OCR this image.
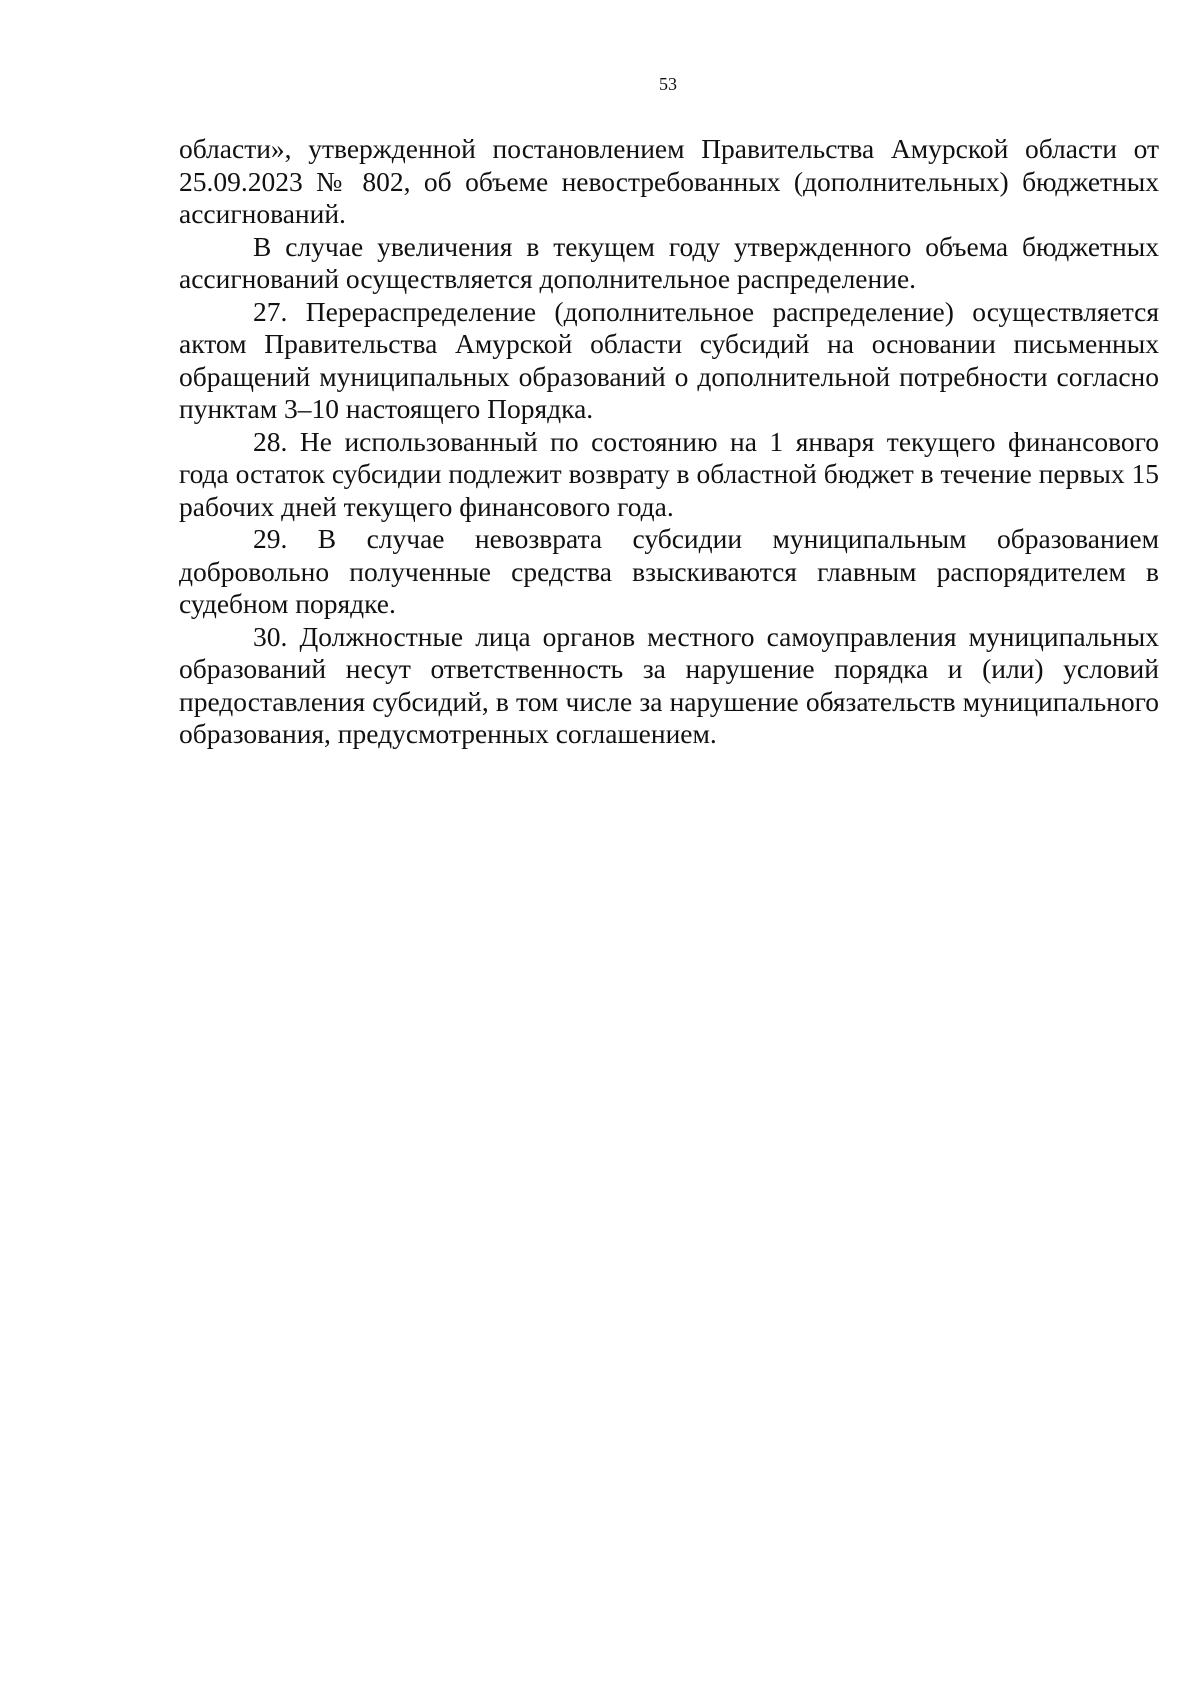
53

области», утвержденной постановлением Правительства Амурской области от 25.09.2023 № 802, об объеме невостребованных (дополнительных) бюджетных ассигнований.

В случае увеличения в текущем году утвержденного объема бюджетных ассигнований осуществляется дополнительное распределение.

27. Перераспределение (дополнительное распределение) осуществляется актом Правительства Амурской области субсидий на основании письменных обращений муниципальных образований о дополнительной потребности согласно пунктам 3–10 настоящего Порядка.

28. Не использованный по состоянию на 1 января текущего финансового года остаток субсидии подлежит возврату в областной бюджет в течение первых 15 рабочих дней текущего финансового года.

29. В случае невозврата субсидии муниципальным образованием добровольно полученные средства взыскиваются главным распорядителем в судебном порядке.

30. Должностные лица органов местного самоуправления муниципальных образований несут ответственность за нарушение порядка и (или) условий предоставления субсидий, в том числе за нарушение обязательств муниципального образования, предусмотренных соглашением.
